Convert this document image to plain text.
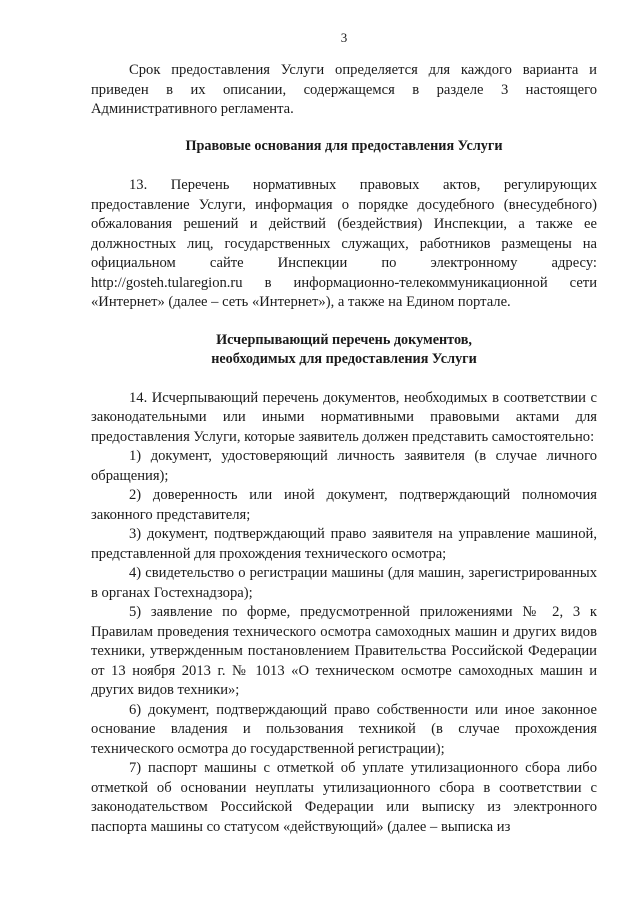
3

Срок предоставления Услуги определяется для каждого варианта и приведен в их описании, содержащемся в разделе 3 настоящего Административного регламента.

Правовые основания для предоставления Услуги

13. Перечень нормативных правовых актов, регулирующих предоставление Услуги, информация о порядке досудебного (внесудебного) обжалования решений и действий (бездействия) Инспекции, а также ее должностных лиц, государственных служащих, работников размещены на официальном сайте Инспекции по электронному адресу: http://gosteh.tularegion.ru в информационно-телекоммуникационной сети «Интернет» (далее – сеть «Интернет»), а также на Едином портале.

Исчерпывающий перечень документов,
необходимых для предоставления Услуги

14. Исчерпывающий перечень документов, необходимых в соответствии с законодательными или иными нормативными правовыми актами для предоставления Услуги, которые заявитель должен представить самостоятельно:

1) документ, удостоверяющий личность заявителя (в случае личного обращения);

2) доверенность или иной документ, подтверждающий полномочия законного представителя;

3) документ, подтверждающий право заявителя на управление машиной, представленной для прохождения технического осмотра;

4) свидетельство о регистрации машины (для машин, зарегистрированных в органах Гостехнадзора);

5) заявление по форме, предусмотренной приложениями № 2, 3 к Правилам проведения технического осмотра самоходных машин и других видов техники, утвержденным постановлением Правительства Российской Федерации от 13 ноября 2013 г. № 1013 «О техническом осмотре самоходных машин и других видов техники»;

6) документ, подтверждающий право собственности или иное законное основание владения и пользования техникой (в случае прохождения технического осмотра до государственной регистрации);

7) паспорт машины с отметкой об уплате утилизационного сбора либо отметкой об основании неуплаты утилизационного сбора в соответствии с законодательством Российской Федерации или выписку из электронного паспорта машины со статусом «действующий» (далее – выписка из
